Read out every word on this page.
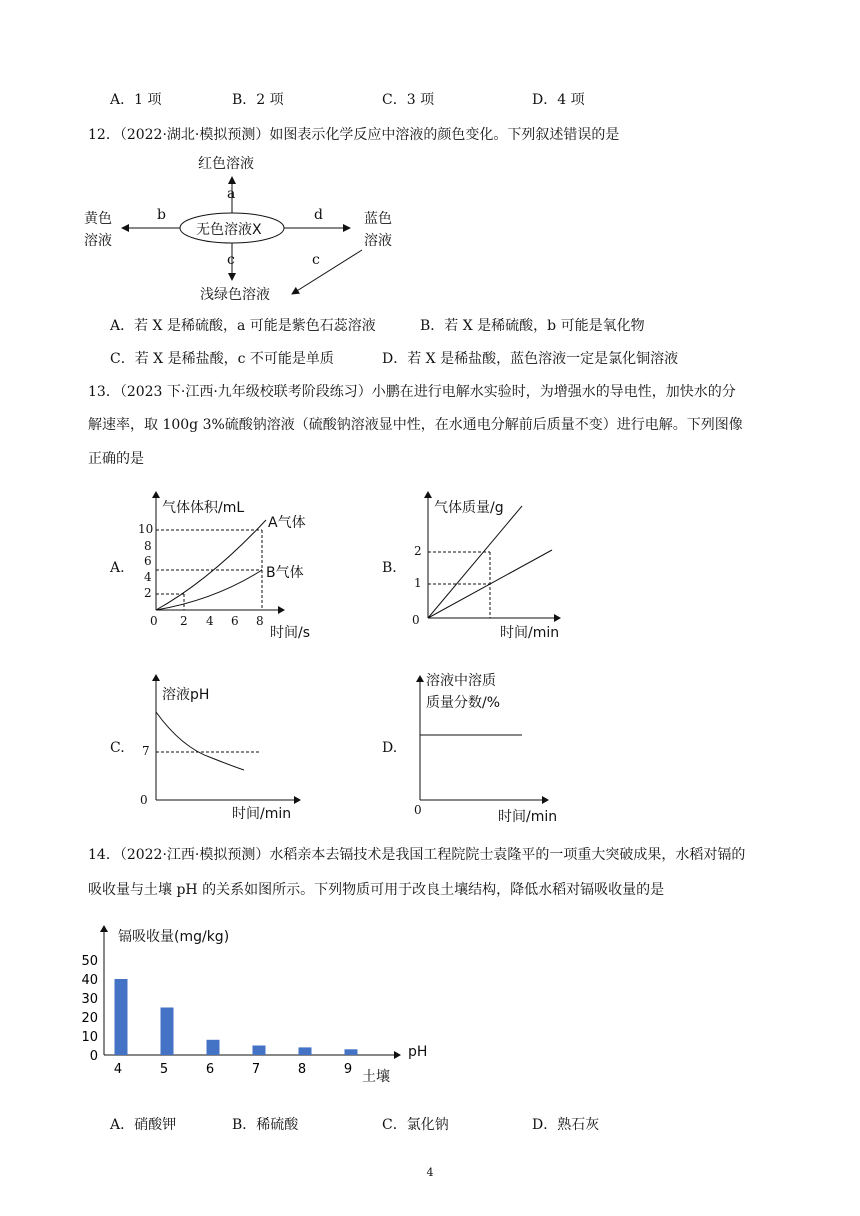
A．1 项	B．2 项	C．3 项	D．4 项
12．（2022·湖北·模拟预测）如图表示化学反应中溶液的颜色变化。下列叙述错误的是
红色溶液
黄色
溶液
蓝色
溶液
无色溶液X
浅绿色溶液
a
b
c
d
c
A．若 X 是稀硫酸，a 可能是紫色石蕊溶液	B．若 X 是稀硫酸，b 可能是氧化物
C．若 X 是稀盐酸，c 不可能是单质	D．若 X 是稀盐酸，蓝色溶液一定是氯化铜溶液
13．（2023 下·江西·九年级校联考阶段练习）小鹏在进行电解水实验时，为增强水的导电性，加快水的分
解速率，取 100g 3%硫酸钠溶液（硫酸钠溶液显中性，在水通电分解前后质量不变）进行电解。下列图像
正确的是
A.
气体体积/mL
10
8
6
4
2
0 2 4 6 8
时间/s
A气体
B气体	B.
气体质量/g
2
1
0
时间/min
C.
溶液pH
7
0
时间/min
D.
溶液中溶质
质量分数/%
0	时间/min
14．（2022·江西·模拟预测）水稻亲本去镉技术是我国工程院院士袁隆平的一项重大突破成果，水稻对镉的
吸收量与土壤 pH 的关系如图所示。下列物质可用于改良土壤结构，降低水稻对镉吸收量的是
4	5	6	7	8	9
50
40
30
20
10
0
镉吸收量(mg/kg)
pH
土壤
A．硝酸钾	B．稀硫酸	C．氯化钠	D．熟石灰
4
